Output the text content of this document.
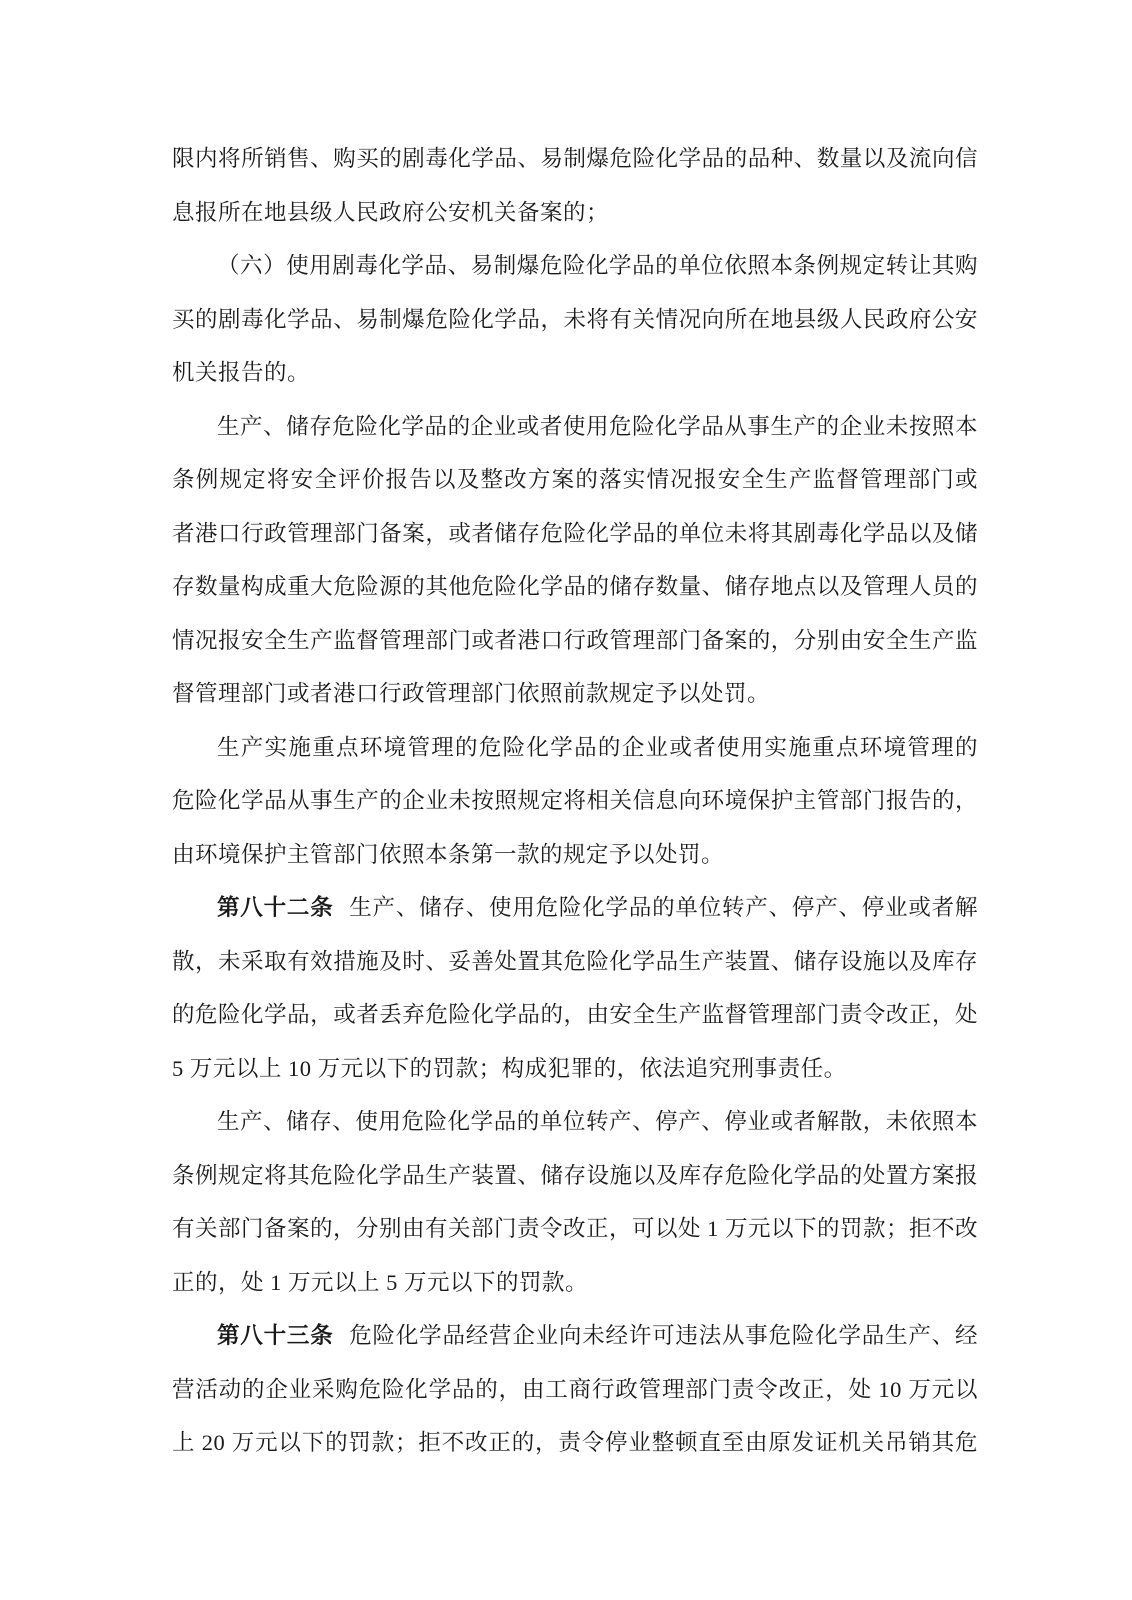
限内将所销售、购买的剧毒化学品、易制爆危险化学品的品种、数量以及流向信
息报所在地县级人民政府公安机关备案的；
（六）使用剧毒化学品、易制爆危险化学品的单位依照本条例规定转让其购
买的剧毒化学品、易制爆危险化学品，未将有关情况向所在地县级人民政府公安
机关报告的。
生产、储存危险化学品的企业或者使用危险化学品从事生产的企业未按照本
条例规定将安全评价报告以及整改方案的落实情况报安全生产监督管理部门或
者港口行政管理部门备案，或者储存危险化学品的单位未将其剧毒化学品以及储
存数量构成重大危险源的其他危险化学品的储存数量、储存地点以及管理人员的
情况报安全生产监督管理部门或者港口行政管理部门备案的，分别由安全生产监
督管理部门或者港口行政管理部门依照前款规定予以处罚。
生产实施重点环境管理的危险化学品的企业或者使用实施重点环境管理的
危险化学品从事生产的企业未按照规定将相关信息向环境保护主管部门报告的，
由环境保护主管部门依照本条第一款的规定予以处罚。
第八十二条 生产、储存、使用危险化学品的单位转产、停产、停业或者解
散，未采取有效措施及时、妥善处置其危险化学品生产装置、储存设施以及库存
的危险化学品，或者丢弃危险化学品的，由安全生产监督管理部门责令改正，处
5 万元以上 10 万元以下的罚款；构成犯罪的，依法追究刑事责任。
生产、储存、使用危险化学品的单位转产、停产、停业或者解散，未依照本
条例规定将其危险化学品生产装置、储存设施以及库存危险化学品的处置方案报
有关部门备案的，分别由有关部门责令改正，可以处 1 万元以下的罚款；拒不改
正的，处 1 万元以上 5 万元以下的罚款。
第八十三条 危险化学品经营企业向未经许可违法从事危险化学品生产、经
营活动的企业采购危险化学品的，由工商行政管理部门责令改正，处 10 万元以
上 20 万元以下的罚款；拒不改正的，责令停业整顿直至由原发证机关吊销其危
